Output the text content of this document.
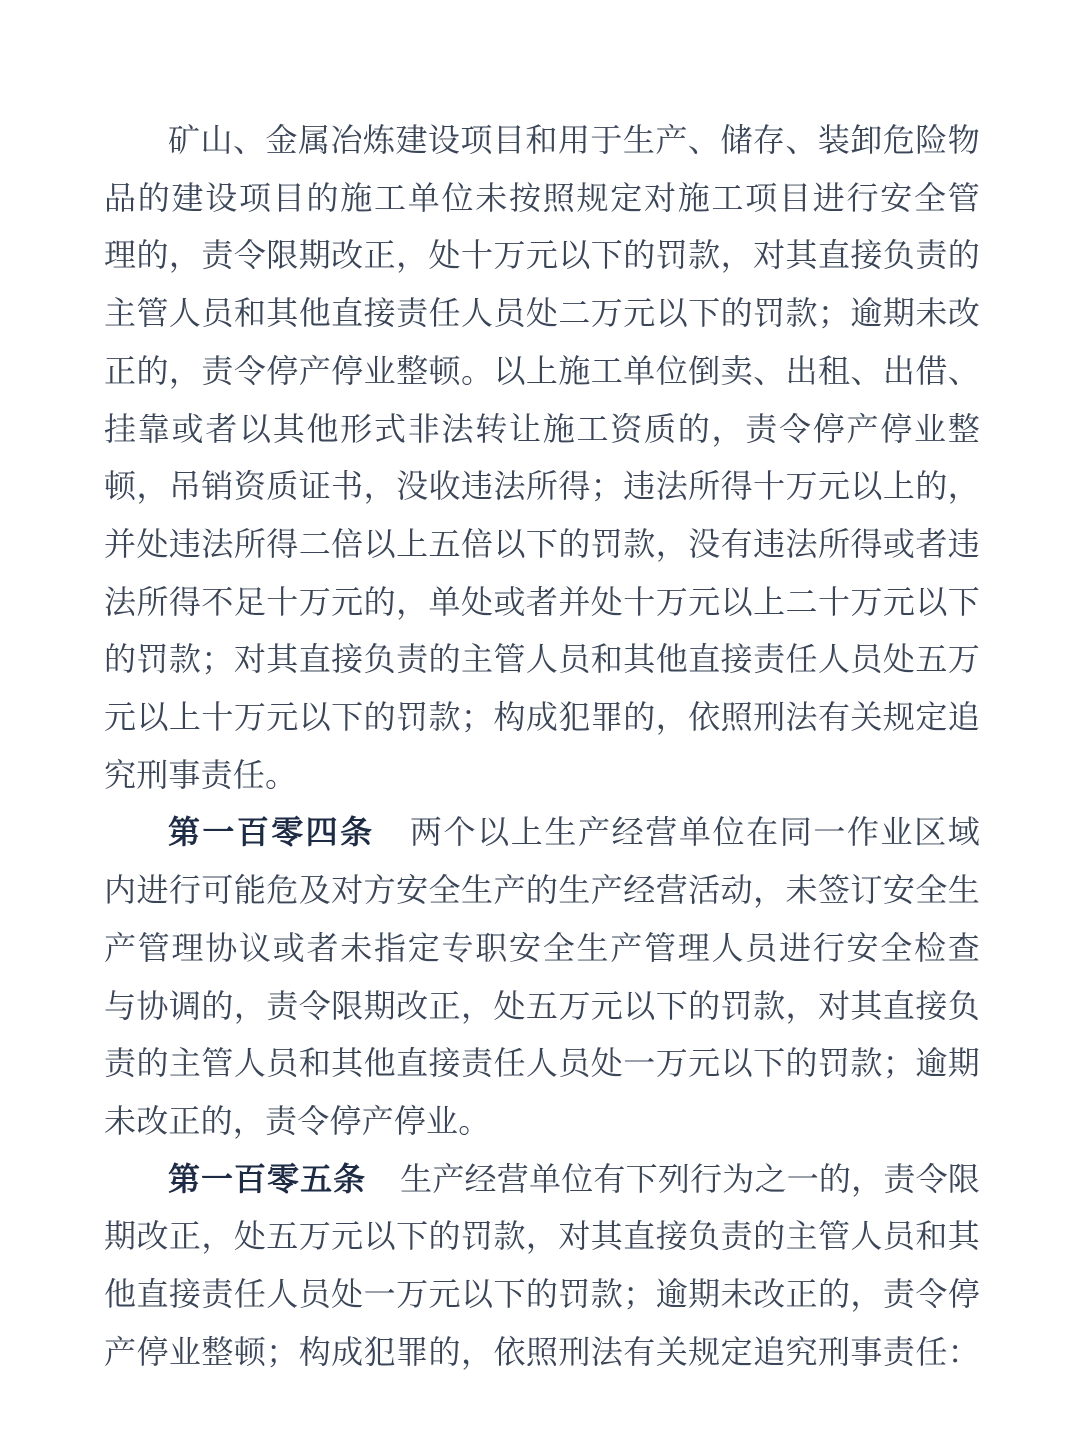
矿山、金属冶炼建设项目和用于生产、储存、装卸危险物
品的建设项目的施工单位未按照规定对施工项目进行安全管
理的，责令限期改正，处十万元以下的罚款，对其直接负责的
主管人员和其他直接责任人员处二万元以下的罚款；逾期未改
正的，责令停产停业整顿。以上施工单位倒卖、出租、出借、
挂靠或者以其他形式非法转让施工资质的，责令停产停业整
顿，吊销资质证书，没收违法所得；违法所得十万元以上的，
并处违法所得二倍以上五倍以下的罚款，没有违法所得或者违
法所得不足十万元的，单处或者并处十万元以上二十万元以下
的罚款；对其直接负责的主管人员和其他直接责任人员处五万
元以上十万元以下的罚款；构成犯罪的，依照刑法有关规定追
究刑事责任。
第一百零四条 两个以上生产经营单位在同一作业区域
内进行可能危及对方安全生产的生产经营活动，未签订安全生
产管理协议或者未指定专职安全生产管理人员进行安全检查
与协调的，责令限期改正，处五万元以下的罚款，对其直接负
责的主管人员和其他直接责任人员处一万元以下的罚款；逾期
未改正的，责令停产停业。
第一百零五条 生产经营单位有下列行为之一的，责令限
期改正，处五万元以下的罚款，对其直接负责的主管人员和其
他直接责任人员处一万元以下的罚款；逾期未改正的，责令停
产停业整顿；构成犯罪的，依照刑法有关规定追究刑事责任：
